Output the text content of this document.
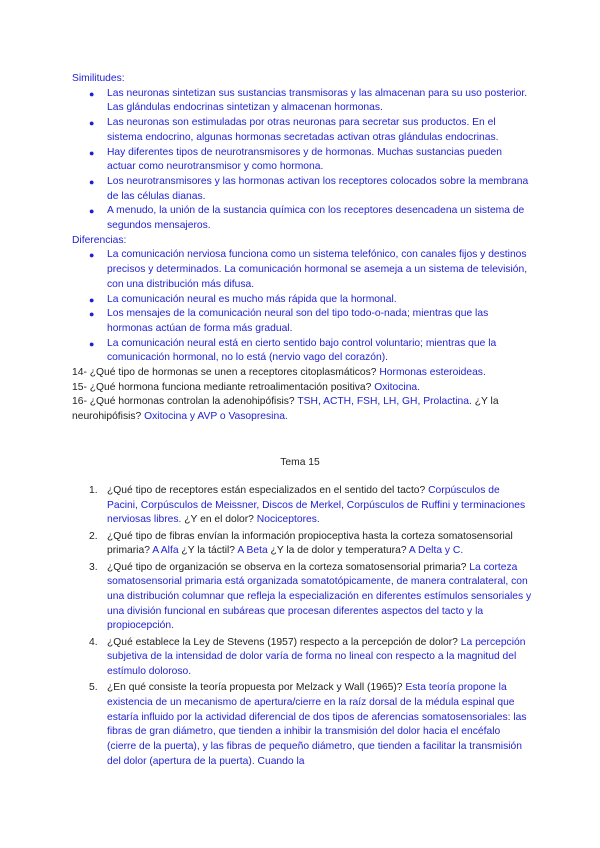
Similitudes:

●	Las neuronas sintetizan sus sustancias transmisoras y las almacenan para su uso posterior. Las glándulas endocrinas sintetizan y almacenan hormonas.
●	Las neuronas son estimuladas por otras neuronas para secretar sus productos. En el sistema endocrino, algunas hormonas secretadas activan otras glándulas endocrinas.
●	Hay diferentes tipos de neurotransmisores y de hormonas. Muchas sustancias pueden actuar como neurotransmisor y como hormona.
●	Los neurotransmisores y las hormonas activan los receptores colocados sobre la membrana de las células dianas.
●	A menudo, la unión de la sustancia química con los receptores desencadena un sistema de segundos mensajeros.

Diferencias:

●	La comunicación nerviosa funciona como un sistema telefónico, con canales fijos y destinos precisos y determinados. La comunicación hormonal se asemeja a un sistema de televisión, con una distribución más difusa.
●	La comunicación neural es mucho más rápida que la hormonal.
●	Los mensajes de la comunicación neural son del tipo todo-o-nada; mientras que las hormonas actúan de forma más gradual.
●	La comunicación neural está en cierto sentido bajo control voluntario; mientras que la comunicación hormonal, no lo está (nervio vago del corazón).

14- ¿Qué tipo de hormonas se unen a receptores citoplasmáticos? Hormonas esteroideas.

15- ¿Qué hormona funciona mediante retroalimentación positiva? Oxitocina.

16- ¿Qué hormonas controlan la adenohipófisis? TSH, ACTH, FSH, LH, GH, Prolactina. ¿Y la neurohipófisis? Oxitocina y AVP o Vasopresina.

Tema 15
1. ¿Qué tipo de receptores están especializados en el sentido del tacto? Corpúsculos de Pacini, Corpúsculos de Meissner, Discos de Merkel, Corpúsculos de Ruffini y terminaciones nerviosas libres. ¿Y en el dolor? Nociceptores.
2. ¿Qué tipo de fibras envían la información propioceptiva hasta la corteza somatosensorial primaria? A Alfa ¿Y la táctil? A Beta ¿Y la de dolor y temperatura? A Delta y C.
3. ¿Qué tipo de organización se observa en la corteza somatosensorial primaria? La corteza somatosensorial primaria está organizada somatotópicamente, de manera contralateral, con una distribución columnar que refleja la especialización en diferentes estímulos sensoriales y una división funcional en subáreas que procesan diferentes aspectos del tacto y la propiocepción.
4. ¿Qué establece la Ley de Stevens (1957) respecto a la percepción de dolor? La percepción subjetiva de la intensidad de dolor varía de forma no lineal con respecto a la magnitud del estímulo doloroso.
5. ¿En qué consiste la teoría propuesta por Melzack y Wall (1965)? Esta teoría propone la existencia de un mecanismo de apertura/cierre en la raíz dorsal de la médula espinal que estaría influido por la actividad diferencial de dos tipos de aferencias somatosensoriales: las fibras de gran diámetro, que tienden a inhibir la transmisión del dolor hacia el encéfalo (cierre de la puerta), y las fibras de pequeño diámetro, que tienden a facilitar la transmisión del dolor (apertura de la puerta). Cuando la
